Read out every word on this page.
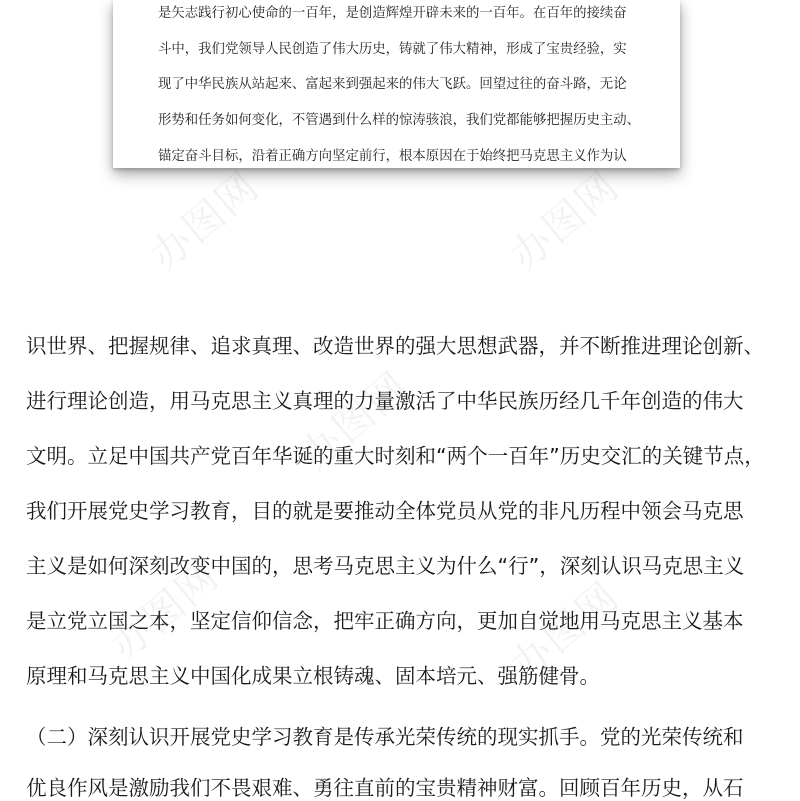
是矢志践行初心使命的一百年，是创造辉煌开辟未来的一百年。在百年的接续奋
斗中，我们党领导人民创造了伟大历史，铸就了伟大精神，形成了宝贵经验，实
现了中华民族从站起来、富起来到强起来的伟大飞跃。回望过往的奋斗路，无论
形势和任务如何变化，不管遇到什么样的惊涛骇浪，我们党都能够把握历史主动、
锚定奋斗目标，沿着正确方向坚定前行，根本原因在于始终把马克思主义作为认
识世界、把握规律、追求真理、改造世界的强大思想武器，并不断推进理论创新、
进行理论创造，用马克思主义真理的力量激活了中华民族历经几千年创造的伟大
文明。立足中国共产党百年华诞的重大时刻和“两个一百年”历史交汇的关键节点，
我们开展党史学习教育，目的就是要推动全体党员从党的非凡历程中领会马克思
主义是如何深刻改变中国的，思考马克思主义为什么“行”，深刻认识马克思主义
是立党立国之本，坚定信仰信念，把牢正确方向，更加自觉地用马克思主义基本
原理和马克思主义中国化成果立根铸魂、固本培元、强筋健骨。
（二）深刻认识开展党史学习教育是传承光荣传统的现实抓手。党的光荣传统和
优良作风是激励我们不畏艰难、勇往直前的宝贵精神财富。回顾百年历史，从石
办图网	办图网
办图网
办图网	办图网
